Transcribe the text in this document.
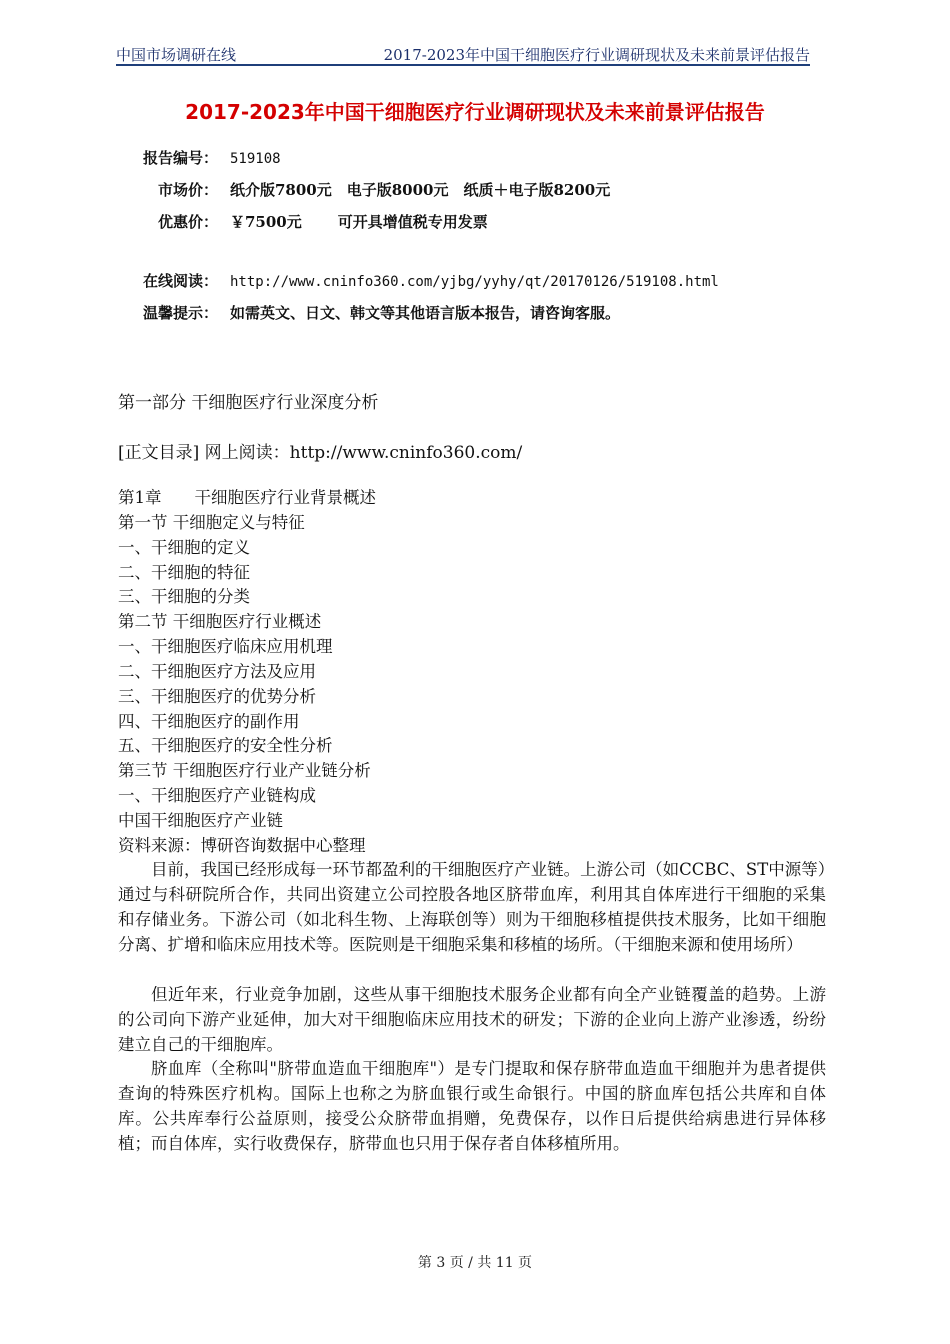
中国市场调研在线	2017-2023年中国干细胞医疗行业调研现状及未来前景评估报告
2017-2023年中国干细胞医疗行业调研现状及未来前景评估报告
报告编号： 519108
市场价： 纸介版7800元　电子版8000元　纸质＋电子版8200元
优惠价： ￥7500元 可开具增值税专用发票
在线阅读： http://www.cninfo360.com/yjbg/yyhy/qt/20170126/519108.html
温馨提示： 如需英文、日文、韩文等其他语言版本报告，请咨询客服。
第一部分 干细胞医疗行业深度分析
[正文目录] 网上阅读：http://www.cninfo360.com/
第1章　　干细胞医疗行业背景概述
第一节 干细胞定义与特征
一、干细胞的定义
二、干细胞的特征
三、干细胞的分类
第二节 干细胞医疗行业概述
一、干细胞医疗临床应用机理
二、干细胞医疗方法及应用
三、干细胞医疗的优势分析
四、干细胞医疗的副作用
五、干细胞医疗的安全性分析
第三节 干细胞医疗行业产业链分析
一、干细胞医疗产业链构成
中国干细胞医疗产业链
资料来源：博研咨询数据中心整理
目前，我国已经形成每一环节都盈利的干细胞医疗产业链。上游公司（如CCBC、ST中源等）通过与科研院所合作，共同出资建立公司控股各地区脐带血库，利用其自体库进行干细胞的采集和存储业务。下游公司（如北科生物、上海联创等）则为干细胞移植提供技术服务，比如干细胞分离、扩增和临床应用技术等。医院则是干细胞采集和移植的场所。（干细胞来源和使用场所）
但近年来，行业竞争加剧，这些从事干细胞技术服务企业都有向全产业链覆盖的趋势。上游的公司向下游产业延伸，加大对干细胞临床应用技术的研发；下游的企业向上游产业渗透，纷纷建立自己的干细胞库。
脐血库（全称叫"脐带血造血干细胞库"）是专门提取和保存脐带血造血干细胞并为患者提供查询的特殊医疗机构。国际上也称之为脐血银行或生命银行。中国的脐血库包括公共库和自体库。公共库奉行公益原则，接受公众脐带血捐赠，免费保存，以作日后提供给病患进行异体移植；而自体库，实行收费保存，脐带血也只用于保存者自体移植所用。
第 3 页 / 共 11 页
